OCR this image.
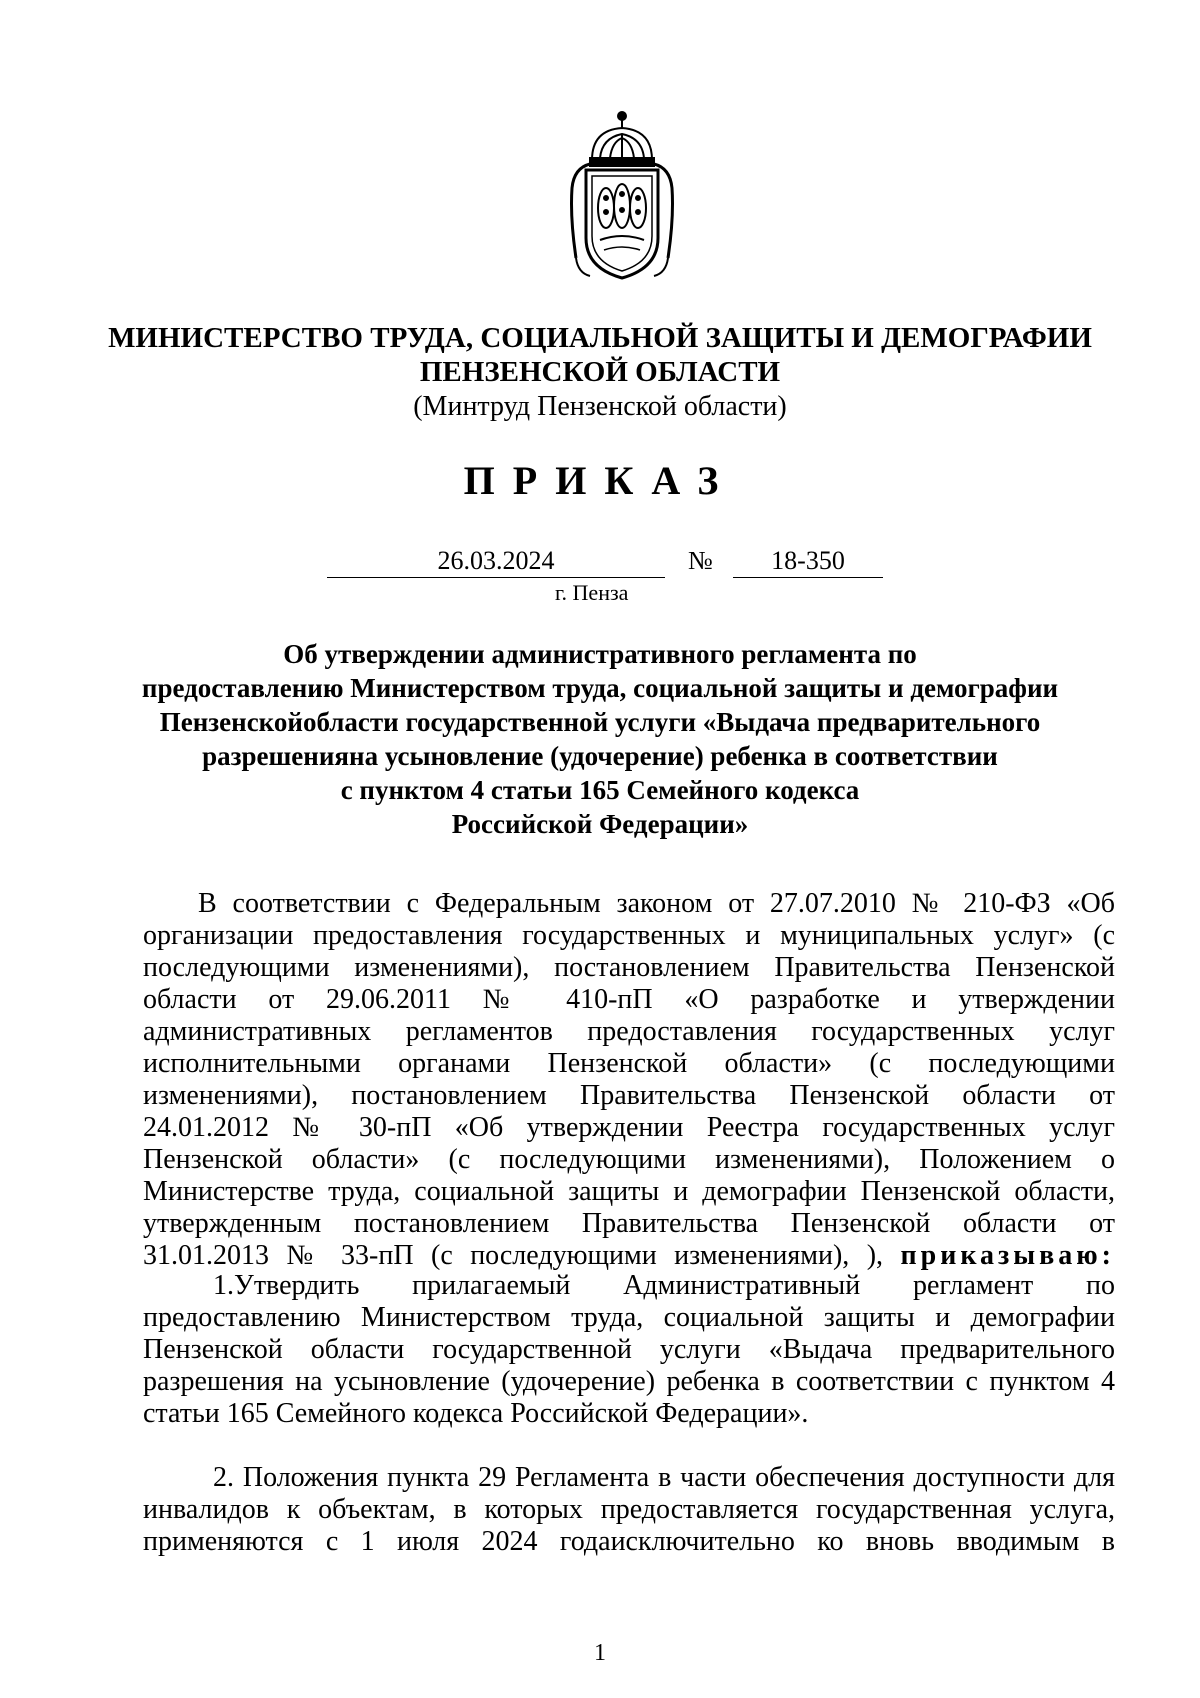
МИНИСТЕРСТВО ТРУДА, СОЦИАЛЬНОЙ ЗАЩИТЫ И ДЕМОГРАФИИ
ПЕНЗЕНСКОЙ ОБЛАСТИ
(Минтруд Пензенской области)
ПРИКАЗ
26.03.2024	№	18-350
г. Пенза
Об утверждении административного регламента по
предоставлению Министерством труда, социальной защиты и демографии
Пензенскойобласти государственной услуги «Выдача предварительного
разрешенияна усыновление (удочерение) ребенка в соответствии
с пунктом 4 статьи 165 Семейного кодекса
Российской Федерации»
В соответствии с Федеральным законом от 27.07.2010 № 210-ФЗ «Об
организации предоставления государственных и муниципальных услуг» (с
последующими изменениями), постановлением Правительства Пензенской
области от 29.06.2011 № 410-пП «О разработке и утверждении
административных регламентов предоставления государственных услуг
исполнительными органами Пензенской области» (с последующими
изменениями), постановлением Правительства Пензенской области от
24.01.2012 № 30-пП «Об утверждении Реестра государственных услуг
Пензенской области» (с последующими изменениями), Положением о
Министерстве труда, социальной защиты и демографии Пензенской области,
утвержденным постановлением Правительства Пензенской области от
31.01.2013 № 33-пП (с последующими изменениями), ), приказываю:
1.Утвердить прилагаемый Административный регламент по
предоставлению Министерством труда, социальной защиты и демографии
Пензенской области государственной услуги «Выдача предварительного
разрешения на усыновление (удочерение) ребенка в соответствии с пунктом 4
статьи 165 Семейного кодекса Российской Федерации».
2. Положения пункта 29 Регламента в части обеспечения доступности для
инвалидов к объектам, в которых предоставляется государственная услуга,
применяются с 1 июля 2024 годаисключительно ко вновь вводимым в
1
